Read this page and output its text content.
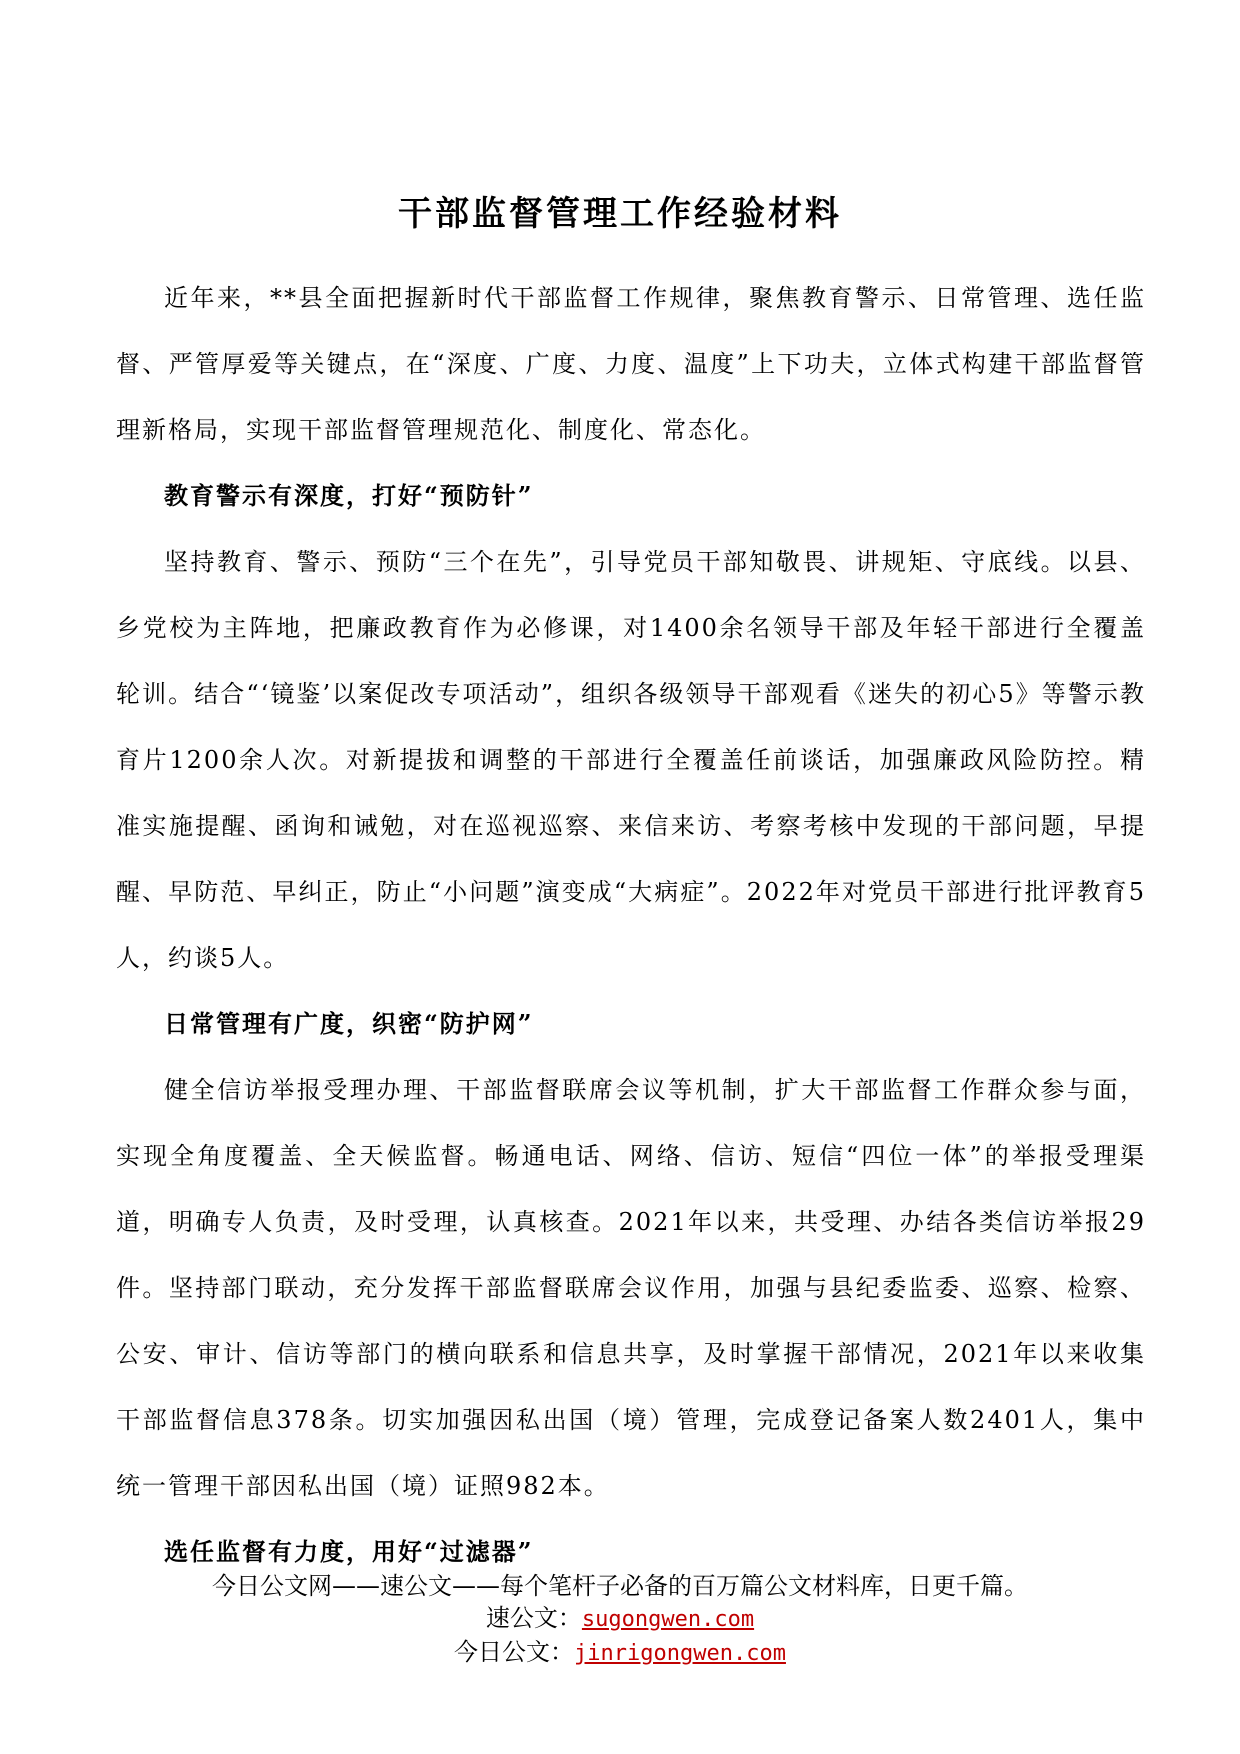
干部监督管理工作经验材料

近年来，**县全面把握新时代干部监督工作规律，聚焦教育警示、日常管理、选任监督、严管厚爱等关键点，在“深度、广度、力度、温度”上下功夫，立体式构建干部监督管理新格局，实现干部监督管理规范化、制度化、常态化。

教育警示有深度，打好“预防针”

坚持教育、警示、预防“三个在先”，引导党员干部知敬畏、讲规矩、守底线。以县、乡党校为主阵地，把廉政教育作为必修课，对1400余名领导干部及年轻干部进行全覆盖轮训。结合“‘镜鉴’以案促改专项活动”，组织各级领导干部观看《迷失的初心5》等警示教育片1200余人次。对新提拔和调整的干部进行全覆盖任前谈话，加强廉政风险防控。精准实施提醒、函询和诫勉，对在巡视巡察、来信来访、考察考核中发现的干部问题，早提醒、早防范、早纠正，防止“小问题”演变成“大病症”。2022年对党员干部进行批评教育5人，约谈5人。

日常管理有广度，织密“防护网”

健全信访举报受理办理、干部监督联席会议等机制，扩大干部监督工作群众参与面，实现全角度覆盖、全天候监督。畅通电话、网络、信访、短信“四位一体”的举报受理渠道，明确专人负责，及时受理，认真核查。2021年以来，共受理、办结各类信访举报29件。坚持部门联动，充分发挥干部监督联席会议作用，加强与县纪委监委、巡察、检察、公安、审计、信访等部门的横向联系和信息共享，及时掌握干部情况，2021年以来收集干部监督信息378条。切实加强因私出国（境）管理，完成登记备案人数2401人，集中统一管理干部因私出国（境）证照982本。

选任监督有力度，用好“过滤器”

今日公文网——速公文——每个笔杆子必备的百万篇公文材料库，日更千篇。
速公文：sugongwen.com
今日公文：jinrigongwen.com
